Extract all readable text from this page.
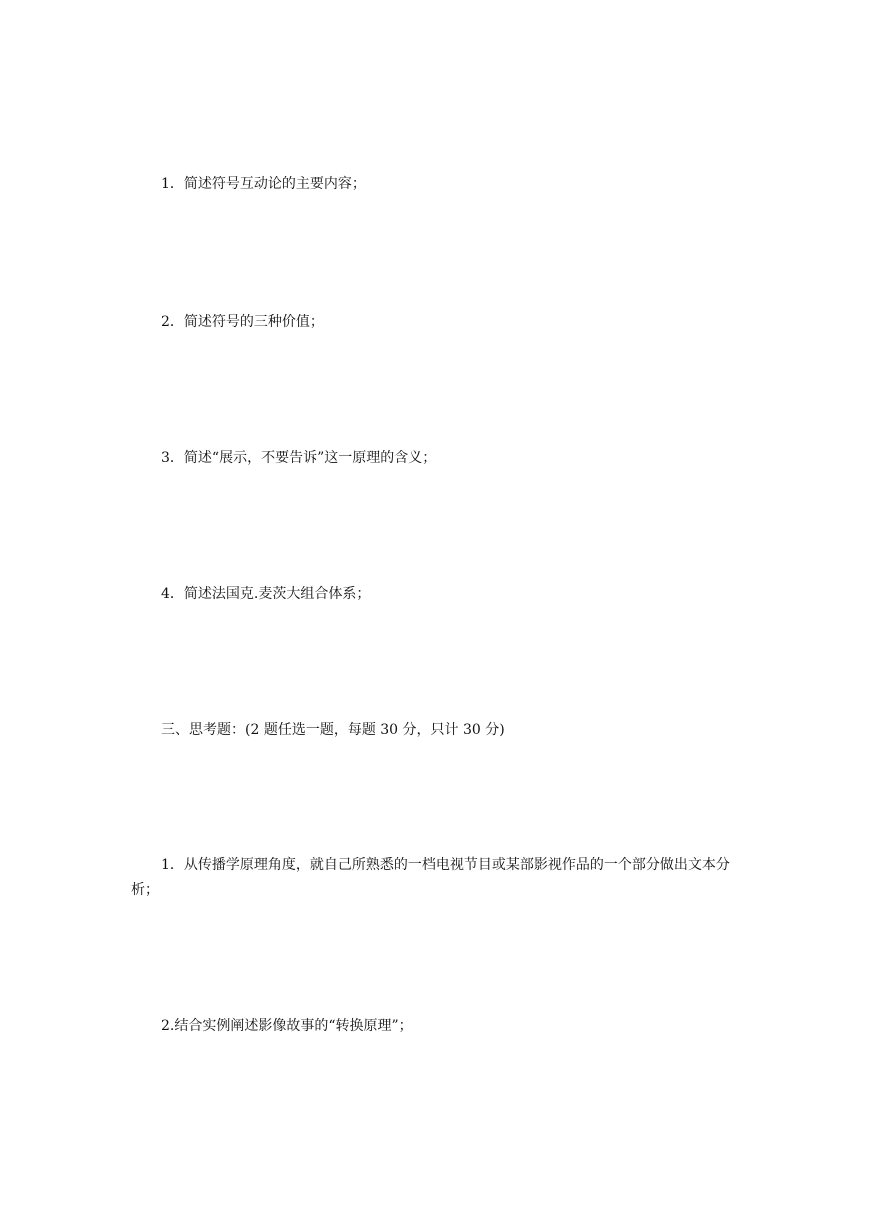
1．简述符号互动论的主要内容；
2．简述符号的三种价值；
3．简述“展示，不要告诉”这一原理的含义；
4．简述法国克.麦茨大组合体系；
三、思考题：(2 题任选一题，每题 30 分，只计 30 分)
1．从传播学原理角度，就自己所熟悉的一档电视节目或某部影视作品的一个部分做出文本分析；
2.结合实例阐述影像故事的“转换原理”；
